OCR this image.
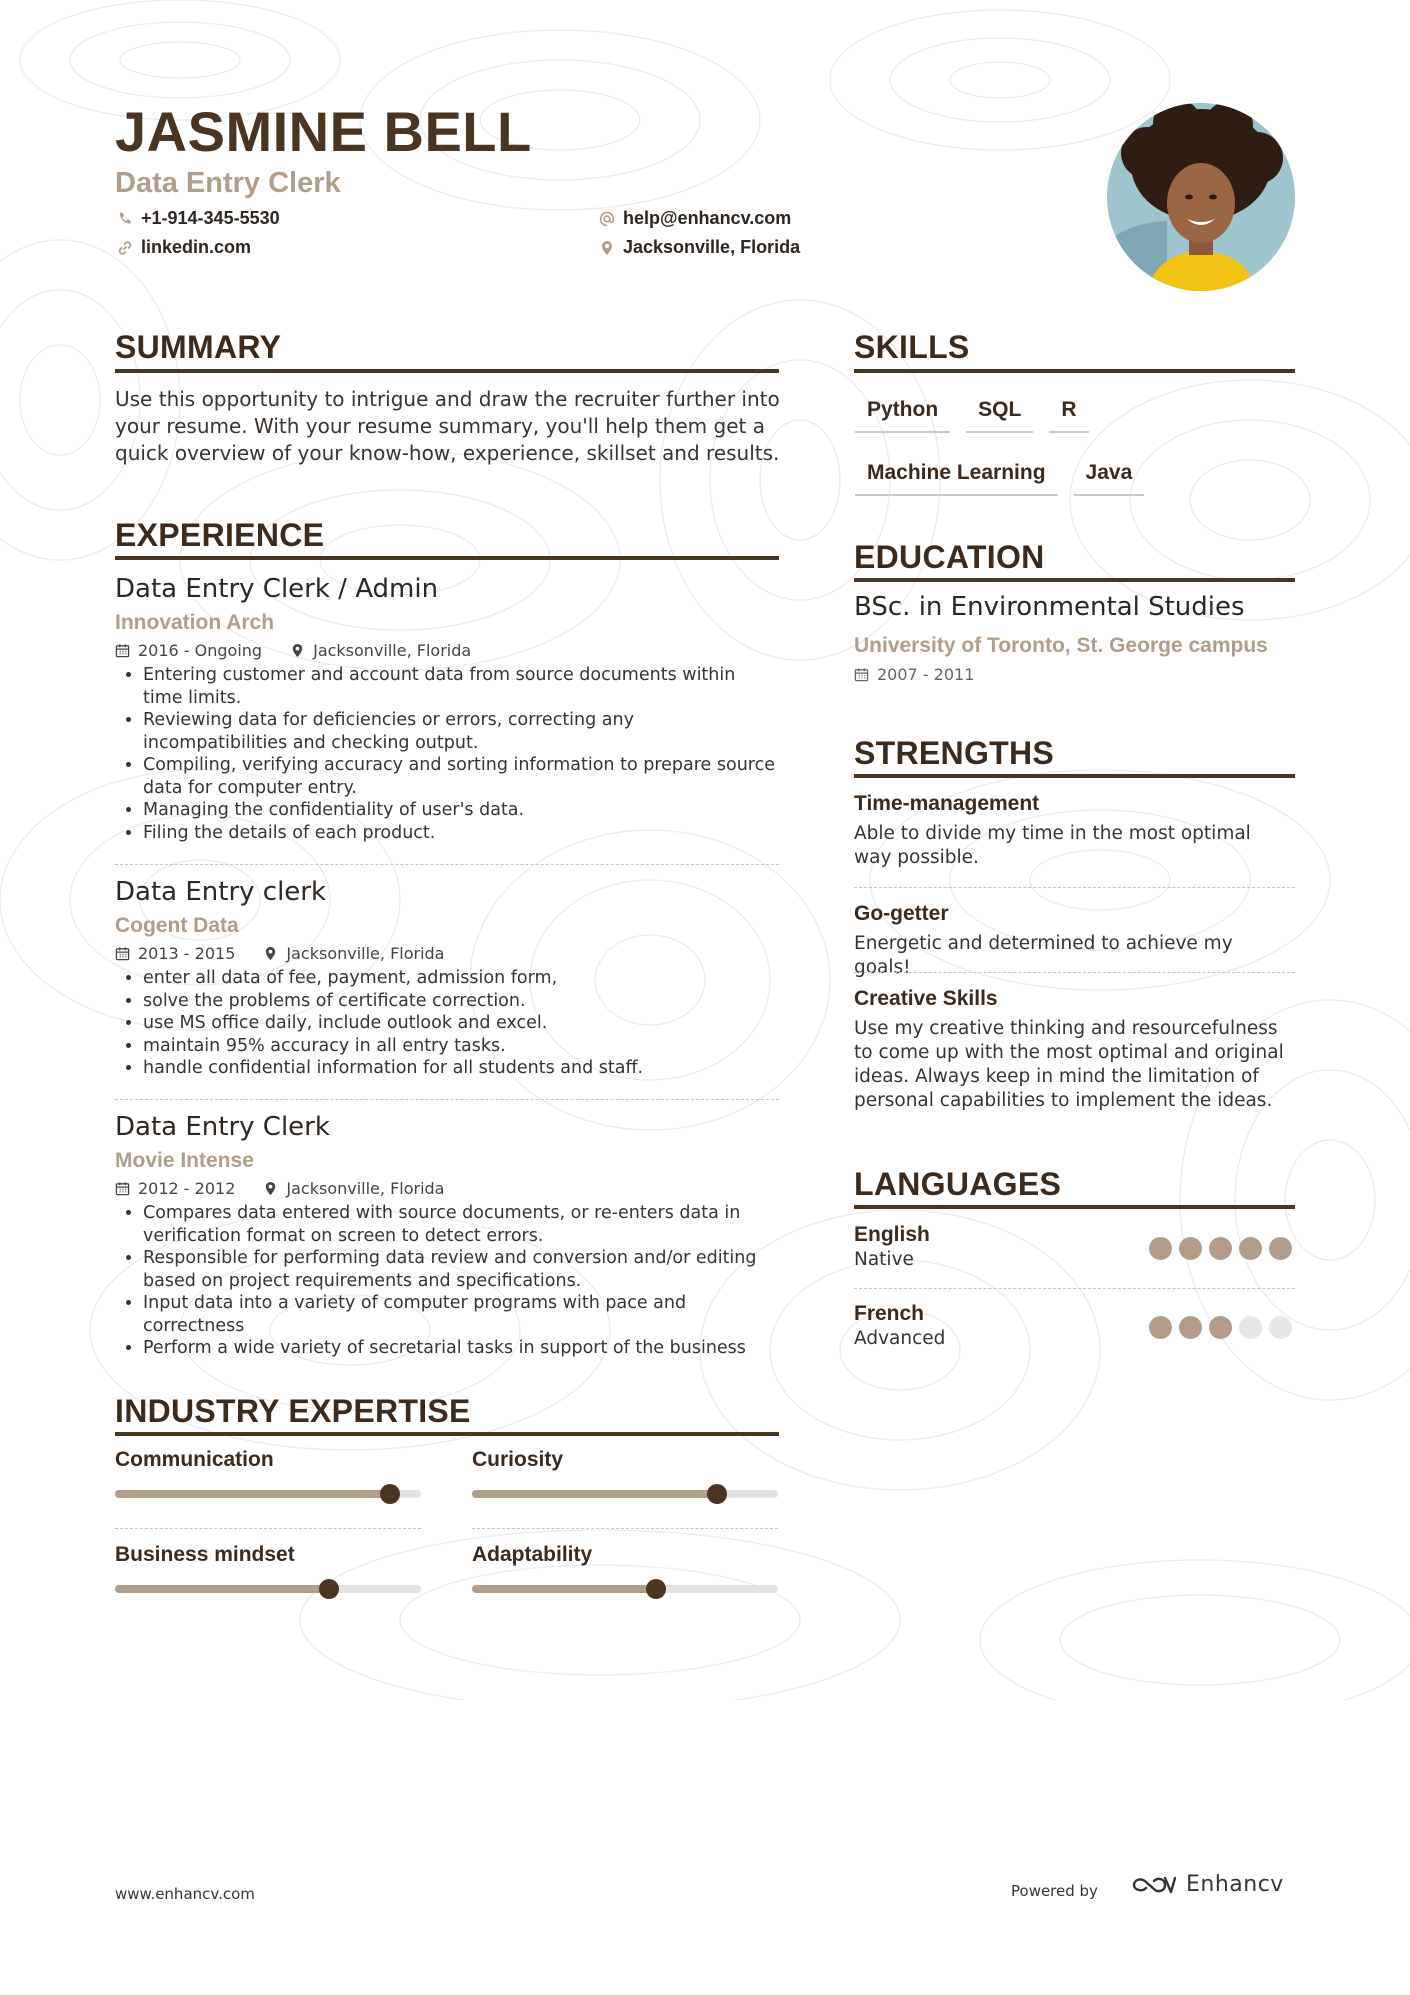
JASMINE BELL

Data Entry Clerk

+1-914-345-5530
linkedin.com
help@enhancv.com
Jacksonville, Florida
SUMMARY

Use this opportunity to intrigue and draw the recruiter further into your resume. With your resume summary, you'll help them get a quick overview of your know-how, experience, skillset and results.

EXPERIENCE
Data Entry Clerk / Admin

Innovation Arch

2016 - Ongoing	Jacksonville, Florida
• Entering customer and account data from source documents within time limits.
• Reviewing data for deficiencies or errors, correcting any incompatibilities and checking output.
• Compiling, verifying accuracy and sorting information to prepare source data for computer entry.
• Managing the confidentiality of user's data.
• Filing the details of each product.
Data Entry clerk

Cogent Data

2013 - 2015	Jacksonville, Florida
• enter all data of fee, payment, admission form,
• solve the problems of certificate correction.
• use MS office daily, include outlook and excel.
• maintain 95% accuracy in all entry tasks.
• handle confidential information for all students and staff.
Data Entry Clerk

Movie Intense

2012 - 2012	Jacksonville, Florida
• Compares data entered with source documents, or re-enters data in verification format on screen to detect errors.
• Responsible for performing data review and conversion and/or editing based on project requirements and specifications.
• Input data into a variety of computer programs with pace and correctness
• Perform a wide variety of secretarial tasks in support of the business
INDUSTRY EXPERTISE

Communication	Curiosity

Business mindset	Adaptability

SKILLS
Python	SQL	R
Machine Learning	Java
EDUCATION
BSc. in Environmental Studies

University of Toronto, St. George campus

2007 - 2011
STRENGTHS
Time-management

Able to divide my time in the most optimal way possible.

Go-getter

Energetic and determined to achieve my goals!

Creative Skills

Use my creative thinking and resourcefulness to come up with the most optimal and original ideas. Always keep in mind the limitation of personal capabilities to implement the ideas.

LANGUAGES
English

Native

French

Advanced

www.enhancv.com	Powered by	Enhancv
